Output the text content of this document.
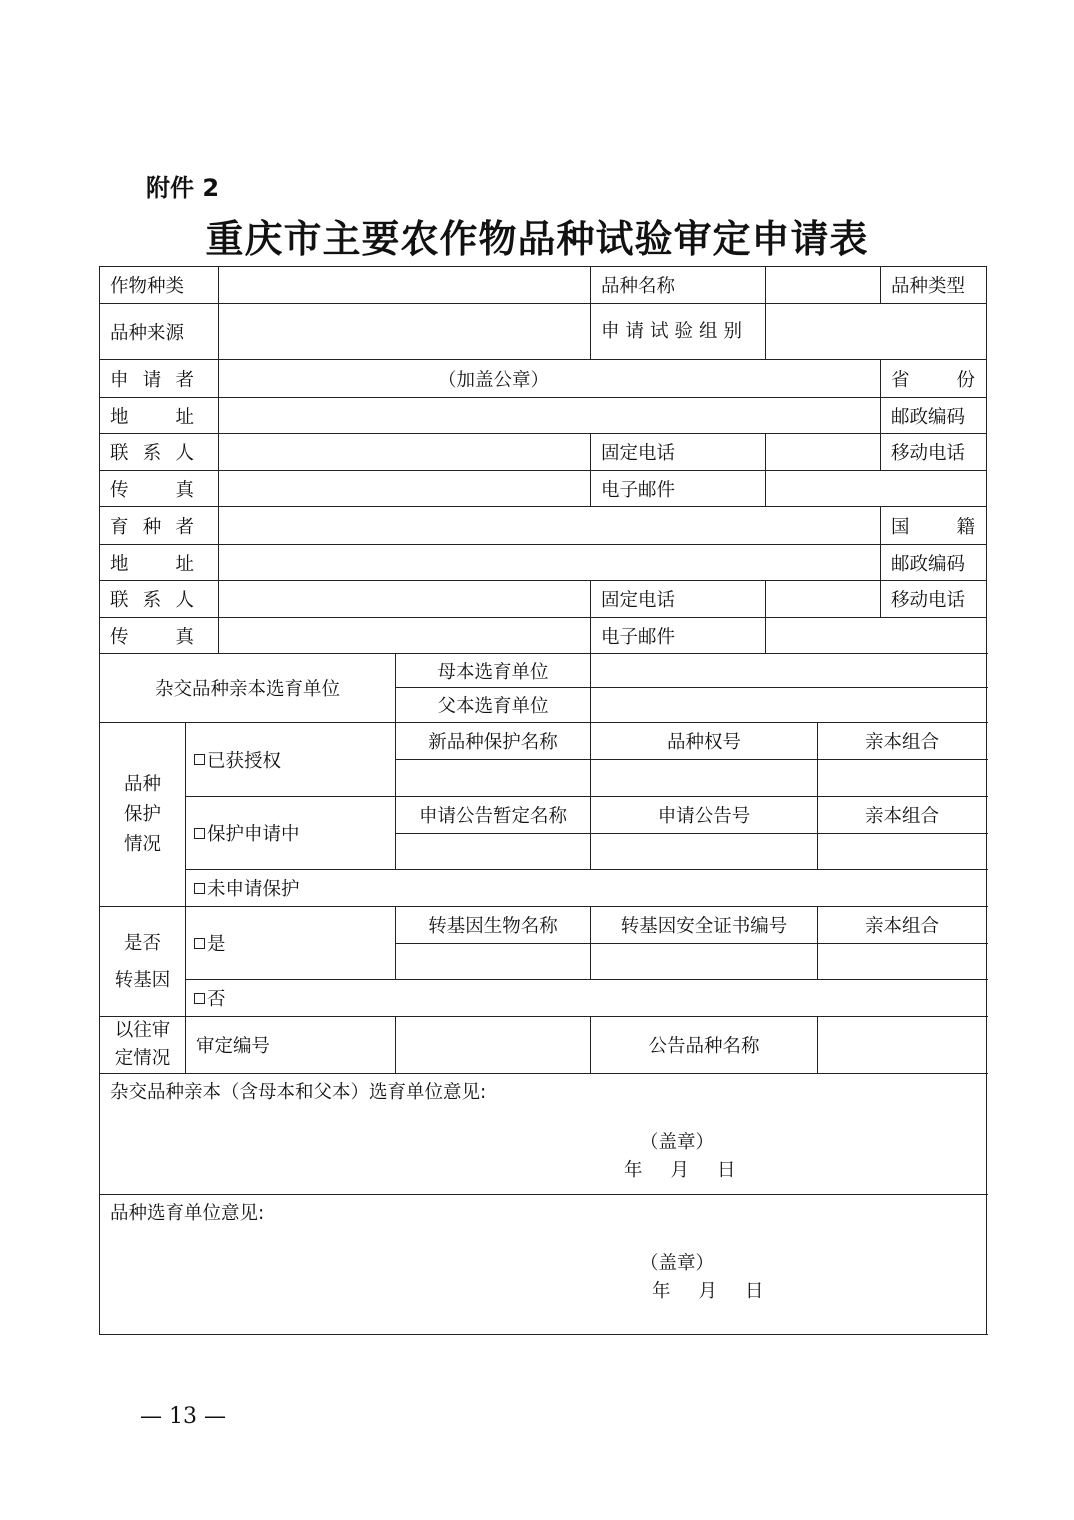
附件 2
重庆市主要农作物品种试验审定申请表
作物种类				品种名称			品种类型	
品种来源				申请试验组别				

申 请 者		（加盖公章）					省 份	

地 址							邮政编码	

联 系 人				固定电话			移动电话	

传 真				电子邮件				

育 种 者							国 籍	

地 址							邮政编码	

联 系 人				固定电话			移动电话	

传 真				电子邮件				
杂交品种亲本选育单位			母本选育单位					
			父本选育单位					

品种
保护
情况	已获授权		新品种保护名称	品种权号		亲本组合		

	保护申请中		申请公告暂定名称	申请公告号		亲本组合		

	未申请保护							

是否
转基因	是		转基因生物名称	转基因安全证书编号		亲本组合		

	否							

以往审
定情况	审定编号			公告品种名称				

杂交品种亲本（含母本和父本）选育单位意见:
（盖章）
年 月 日								

品种选育单位意见:
（盖章）
年 月 日								
— 13 —
